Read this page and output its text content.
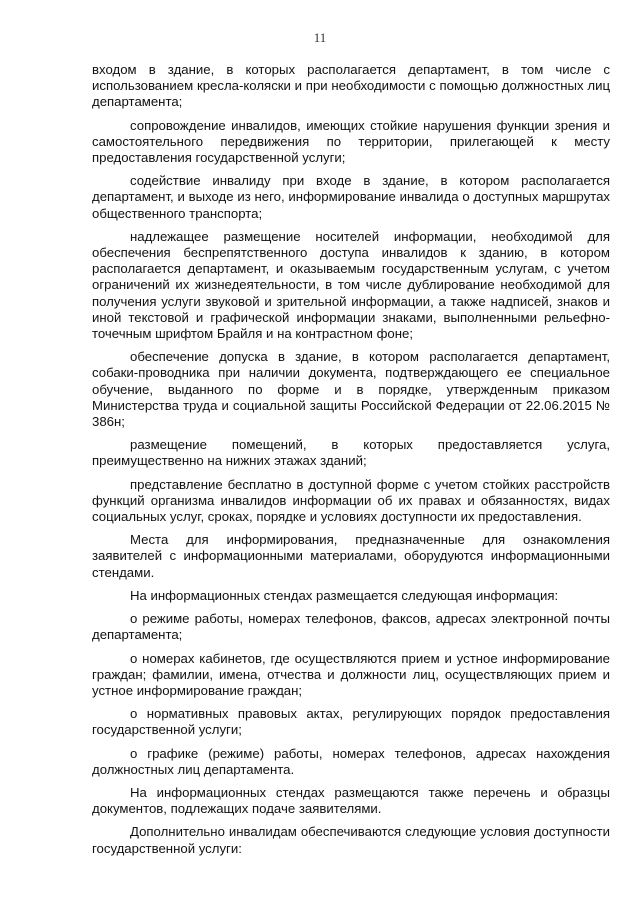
11

входом в здание, в которых располагается департамент, в том числе с использованием кресла-коляски и при необходимости с помощью должностных лиц департамента;

сопровождение инвалидов, имеющих стойкие нарушения функции зрения и самостоятельного передвижения по территории, прилегающей к месту предоставления государственной услуги;

содействие инвалиду при входе в здание, в котором располагается департамент, и выходе из него, информирование инвалида о доступных маршрутах общественного транспорта;

надлежащее размещение носителей информации, необходимой для обеспечения беспрепятственного доступа инвалидов к зданию, в котором располагается департамент, и оказываемым государственным услугам, с учетом ограничений их жизнедеятельности, в том числе дублирование необходимой для получения услуги звуковой и зрительной информации, а также надписей, знаков и иной текстовой и графической информации знаками, выполненными рельефно-точечным шрифтом Брайля и на контрастном фоне;

обеспечение допуска в здание, в котором располагается департамент, собаки-проводника при наличии документа, подтверждающего ее специальное обучение, выданного по форме и в порядке, утвержденным приказом Министерства труда и социальной защиты Российской Федерации от 22.06.2015 № 386н;

размещение помещений, в которых предоставляется услуга, преимущественно на нижних этажах зданий;

представление бесплатно в доступной форме с учетом стойких расстройств функций организма инвалидов информации об их правах и обязанностях, видах социальных услуг, сроках, порядке и условиях доступности их предоставления.

Места для информирования, предназначенные для ознакомления заявителей с информационными материалами, оборудуются информационными стендами.

На информационных стендах размещается следующая информация:

о режиме работы, номерах телефонов, факсов, адресах электронной почты департамента;

о номерах кабинетов, где осуществляются прием и устное информирование граждан; фамилии, имена, отчества и должности лиц, осуществляющих прием и устное информирование граждан;

о нормативных правовых актах, регулирующих порядок предоставления государственной услуги;

о графике (режиме) работы, номерах телефонов, адресах нахождения должностных лиц департамента.

На информационных стендах размещаются также перечень и образцы документов, подлежащих подаче заявителями.

Дополнительно инвалидам обеспечиваются следующие условия доступности государственной услуги:
